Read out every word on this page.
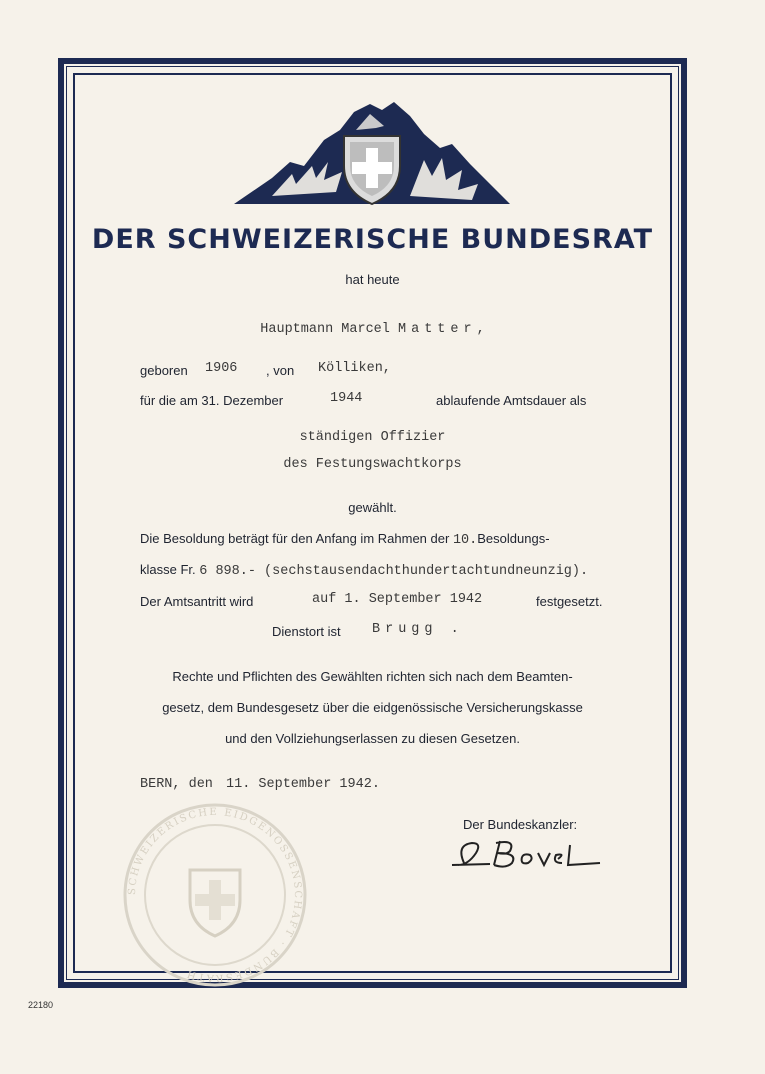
DER SCHWEIZERISCHE BUNDESRAT
hat heute
Hauptmann Marcel Matter,
geboren 1906 , von Kölliken,
für die am 31. Dezember	1944	ablaufende Amtsdauer als
ständigen Offizier
des Festungswachtkorps
gewählt.
Die Besoldung beträgt für den Anfang im Rahmen der 10.Besoldungs-
klasse Fr. 6 898.- (sechstausendachthundertachtundneunzig).
Der Amtsantritt wird	auf 1. September 1942	festgesetzt.
Dienstort ist Brugg .
Rechte und Pflichten des Gewählten richten sich nach dem Beamten-
gesetz, dem Bundesgesetz über die eidgenössische Versicherungskasse
und den Vollziehungserlassen zu diesen Gesetzen.
BERN, den 11. September 1942.
Der Bundeskanzler:
SCHWEIZERISCHE EIDGENOSSENSCHAFT · BUNDESRATH
22180
